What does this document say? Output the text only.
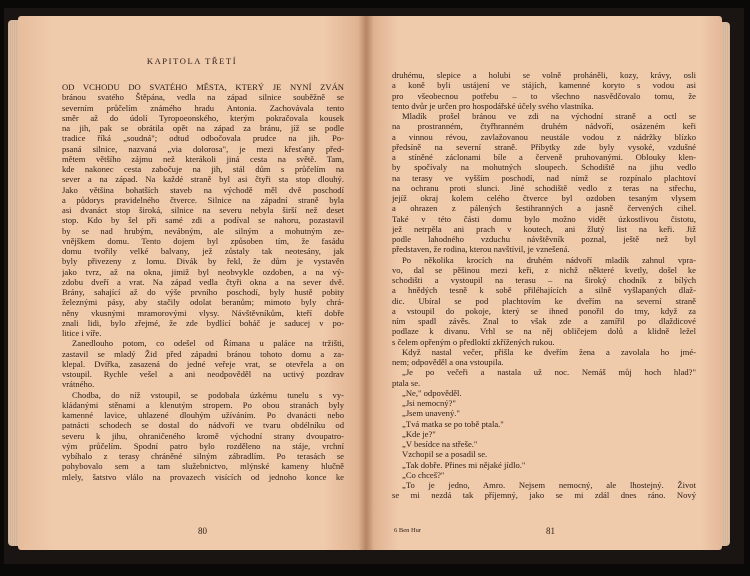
KAPITOLA TŘETÍ
OD VCHODU DO SVATÉHO MĚSTA, KTERÝ JE NYNÍ ZVÁN
bránou svatého Štěpána, vedla na západ silnice souběžně se
severním průčelím známého hradu Antonia. Zachovávala tento
směr až do údolí Tyropoeonského, kterým pokračovala kousek
na jih, pak se obrátila opět na západ za bránu, jíž se podle
tradice říká „soudná"; odtud odbočovala prudce na jih. Po-
psaná silnice, nazvaná „via dolorosa", je mezi křesťany před-
mětem většího zájmu než kterákoli jiná cesta na světě. Tam,
kde nakonec cesta zabočuje na jih, stál dům s průčelím na
sever a na západ. Na každé straně byl asi čtyři sta stop dlouhý.
Jako většina bohatších staveb na východě měl dvě poschodí
a půdorys pravidelného čtverce. Silnice na západní straně byla
asi dvanáct stop široká, silnice na severu nebyla širší než deset
stop. Kdo by šel při samé zdi a podíval se nahoru, pozastavil
by se nad hrubým, nevábným, ale silným a mohutným ze-
vnějškem domu. Tento dojem byl způsoben tím, že fasádu
domu tvořily velké balvany, jež zůstaly tak neotesány, jak
byly přivezeny z lomu. Divák by řekl, že dům je vystavěn
jako tvrz, až na okna, jimiž byl neobvykle ozdoben, a na vý-
zdobu dveří a vrat. Na západ vedla čtyři okna a na sever dvě.
Brány, sahající až do výše prvního poschodí, byly hustě pobity
železnými pásy, aby stačily odolat beranům; mimoto byly chrá-
něny vkusnými mramorovými vlysy. Návštěvníkům, kteří dobře
znali lidi, bylo zřejmé, že zde bydlící boháč je saducej v po-
litice i víře.
Zanedlouho potom, co odešel od Římana u paláce na tržišti,
zastavil se mladý Žid před západní bránou tohoto domu a za-
klepal. Dvířka, zasazená do jedné veřeje vrat, se otevřela a on
vstoupil. Rychle vešel a ani neodpověděl na uctivý pozdrav
vrátného.
Chodba, do níž vstoupil, se podobala úzkému tunelu s vy-
kládanými stěnami a klenutým stropem. Po obou stranách byly
kamenné lavice, uhlazené dlouhým užíváním. Po dvanácti nebo
patnácti schodech se dostal do nádvoří ve tvaru obdélníku od
severu k jihu, ohraničeného kromě východní strany dvoupatro-
vým průčelím. Spodní patro bylo rozděleno na stáje, vrchní
vybíhalo z terasy chráněné silným zábradlím. Po terasách se
pohybovalo sem a tam služebnictvo, mlýnské kameny hlučně
mlely, šatstvo vlálo na provazech visících od jednoho konce ke
80
druhému, slepice a holubi se volně proháněli, kozy, krávy, osli
a koně byli ustájení ve stájích, kamenné koryto s vodou asi
pro všeobecnou potřebu – to všechno nasvědčovalo tomu, že
tento dvůr je určen pro hospodářské účely svého vlastníka.
Mladík prošel bránou ve zdi na východní straně a octl se
na prostranném, čtyřhranném druhém nádvoří, osázeném keři
a vinnou révou, zavlažovanou neustále vodou z nádržky blízko
předsíně na severní straně. Příbytky zde byly vysoké, vzdušné
a stíněné záclonami bíle a červeně pruhovanými. Oblouky klen-
by spočívaly na mohutných sloupech. Schodiště na jihu vedlo
na terasy ve vyšším poschodí, nad nímž se rozpínalo plachtoví
na ochranu proti slunci. Jiné schodiště vedlo z teras na střechu,
jejíž okraj kolem celého čtverce byl ozdoben tesaným vlysem
a ohrazen z pálených šestihranných a jasně červených cihel.
Také v této části domu bylo možno vidět úzkostlivou čistotu,
jež netrpěla ani prach v koutech, ani žlutý list na keři. Již
podle lahodného vzduchu návštěvník poznal, ještě než byl
představen, že rodina, kterou navštívil, je vznešená.
Po několika krocích na druhém nádvoří mladík zahnul vpra-
vo, dal se pěšinou mezi keři, z nichž některé kvetly, došel ke
schodišti a vystoupil na terasu – na široký chodník z bílých
a hnědých tesně k sobě přiléhajících a silně vyšlapaných dlaž-
dic. Ubíral se pod plachtovím ke dveřím na severní straně
a vstoupil do pokoje, který se ihned ponořil do tmy, když za
ním spadl závěs. Znal to však zde a zamířil po dlaždicové
podlaze k divanu. Vrhl se na něj obličejem dolů a klidně ležel
s čelem opřeným o předloktí zkřížených rukou.
Když nastal večer, přišla ke dveřím žena a zavolala ho jmé-
nem; odpověděl a ona vstoupila.
„Je po večeři a nastala už noc. Nemáš můj hoch hlad?"
ptala se.
„Ne," odpověděl.
„Jsi nemocný?"
„Jsem unavený."
„Tvá matka se po tobě ptala."
„Kde je?"
„V besídce na střeše."
Vzchopil se a posadil se.
„Tak dobře. Přines mi nějaké jídlo."
„Co chceš?"
„To je jedno, Amro. Nejsem nemocný, ale lhostejný. Život
se mi nezdá tak příjemný, jako se mi zdál dnes ráno. Nový
6 Ben Hur	81
